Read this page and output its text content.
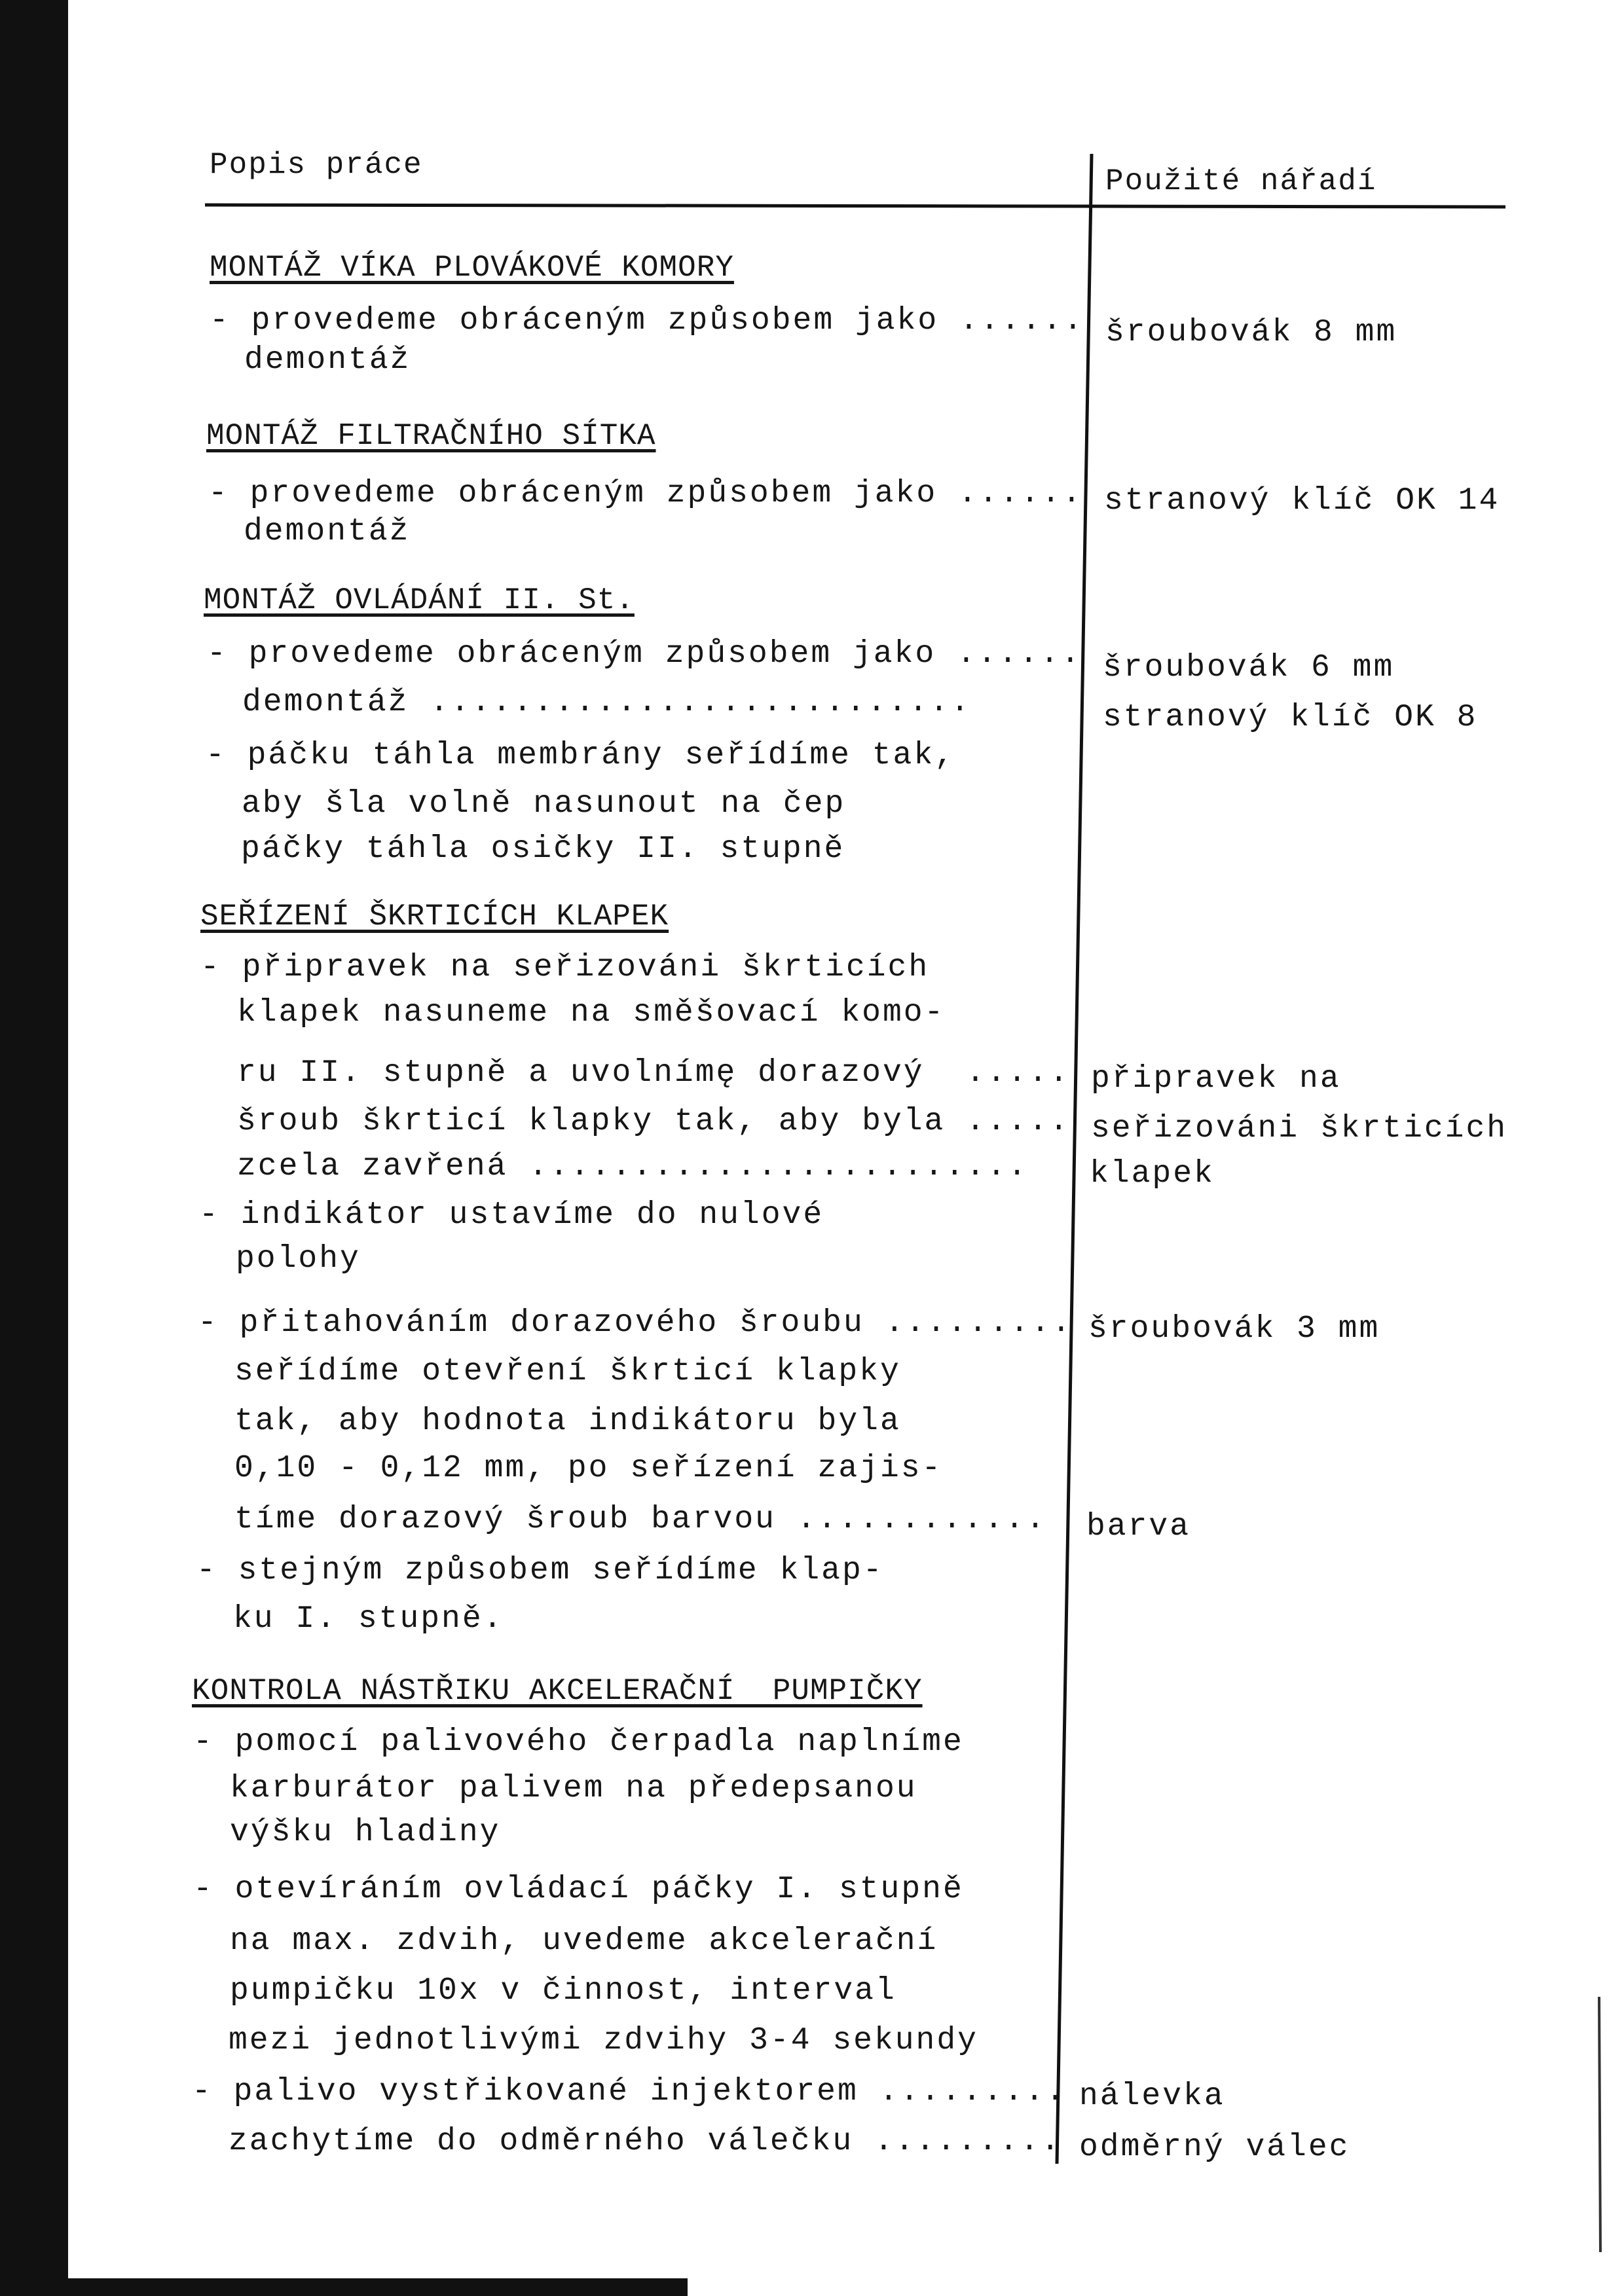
Popis práce	Použité nářadí
MONTÁŽ VÍKA PLOVÁKOVÉ KOMORY
- provedeme obráceným způsobem jako ......
demontáž
šroubovák 8 mm
MONTÁŽ FILTRAČNÍHO SÍTKA
- provedeme obráceným způsobem jako ......
demontáž
stranový klíč OK 14
MONTÁŽ OVLÁDÁNÍ II. St.
- provedeme obráceným způsobem jako ......
demontáž ..........................
- páčku táhla membrány seřídíme tak,
aby šla volně nasunout na čep
páčky táhla osičky II. stupně
šroubovák 6 mm
stranový klíč OK 8
SEŘÍZENÍ ŠKRTICÍCH KLAPEK
- připravek na seřizováni škrticích
klapek nasuneme na směšovací komo-
ru II. stupně a uvolnímę dorazový  .....
šroub škrticí klapky tak, aby byla .....
zcela zavřená ........................
- indikátor ustavíme do nulové
polohy
- přitahováním dorazového šroubu .........
seřídíme otevření škrticí klapky
tak, aby hodnota indikátoru byla
0,10 - 0,12 mm, po seřízení zajis-
tíme dorazový šroub barvou ............
- stejným způsobem seřídíme klap-
ku I. stupně.
připravek na
seřizováni škrticích
klapek
šroubovák 3 mm
barva
KONTROLA NÁSTŘIKU AKCELERAČNÍ  PUMPIČKY
- pomocí palivového čerpadla naplníme
karburátor palivem na předepsanou
výšku hladiny
- otevíráním ovládací páčky I. stupně
na max. zdvih, uvedeme akcelerační
pumpičku 10x v činnost, interval
mezi jednotlivými zdvihy 3-4 sekundy
- palivo vystřikované injektorem .........
zachytíme do odměrného válečku .........
nálevka
odměrný válec
